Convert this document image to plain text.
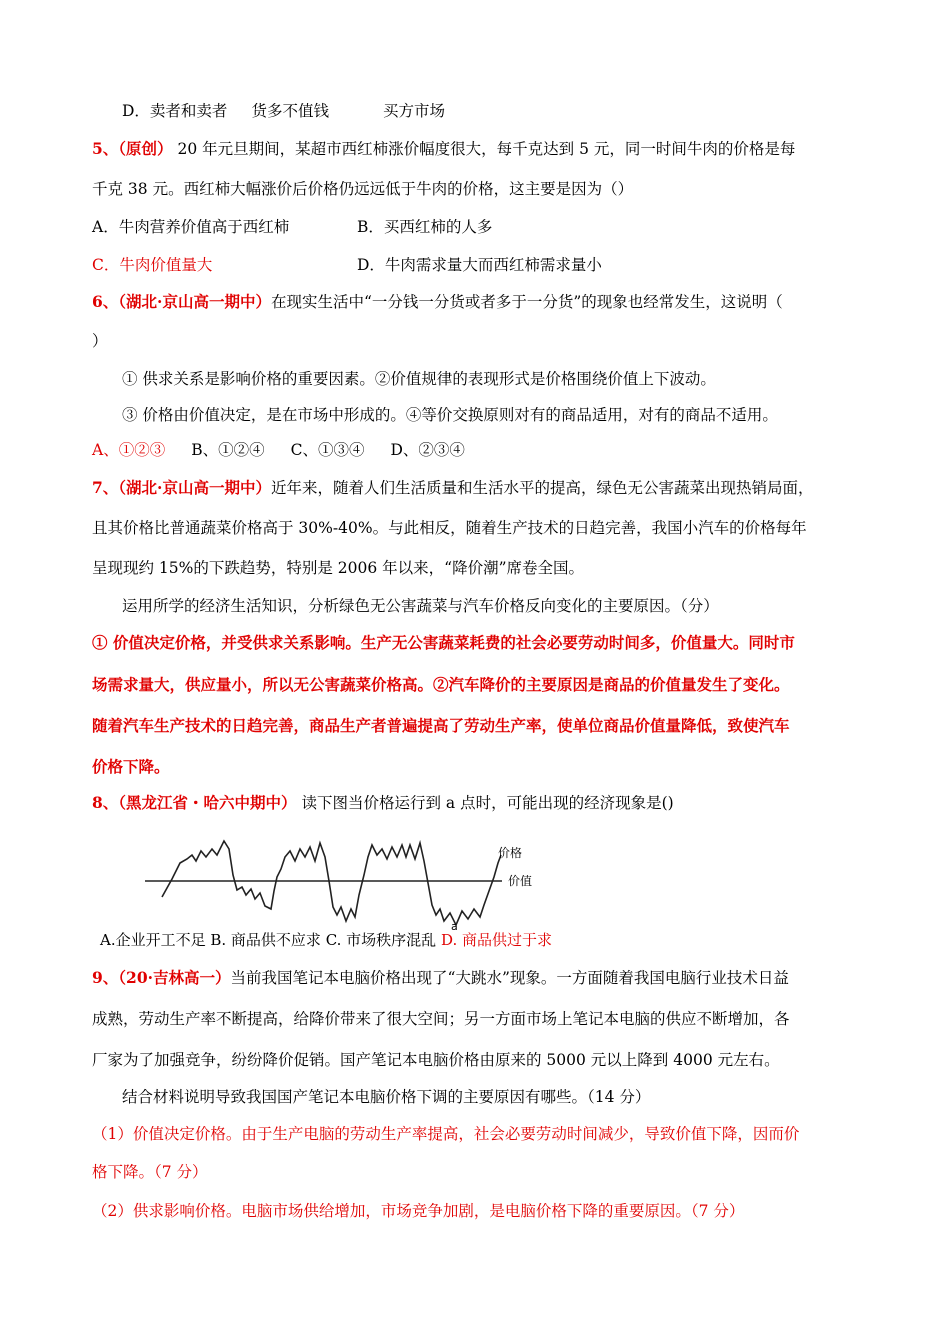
D．卖者和卖者 货多不值钱	买方市场
5、（原创） 20 年元旦期间，某超市西红柿涨价幅度很大，每千克达到 5 元，同一时间牛肉的价格是每
千克 38 元。西红柿大幅涨价后价格仍远远低于牛肉的价格，这主要是因为（）
A．牛肉营养价值高于西红柿	B．买西红柿的人多
C．牛肉价值量大	D．牛肉需求量大而西红柿需求量小
6、（湖北·京山高一期中）在现实生活中“一分钱一分货或者多于一分货”的现象也经常发生，这说明（
）
① 供求关系是影响价格的重要因素。②价值规律的表现形式是价格围绕价值上下波动。
③ 价格由价值决定，是在市场中形成的。④等价交换原则对有的商品适用，对有的商品不适用。
A、①②③ B、①②④ C、①③④ D、②③④
7、（湖北·京山高一期中）近年来，随着人们生活质量和生活水平的提高，绿色无公害蔬菜出现热销局面，
且其价格比普通蔬菜价格高于 30%-40%。与此相反，随着生产技术的日趋完善，我国小汽车的价格每年
呈现现约 15%的下跌趋势，特别是 2006 年以来，“降价潮”席卷全国。
运用所学的经济生活知识，分析绿色无公害蔬菜与汽车价格反向变化的主要原因。（分）
① 价值决定价格，并受供求关系影响。生产无公害蔬菜耗费的社会必要劳动时间多，价值量大。同时市
场需求量大，供应量小，所以无公害蔬菜价格高。②汽车降价的主要原因是商品的价值量发生了变化。
随着汽车生产技术的日趋完善，商品生产者普遍提高了劳动生产率，使单位商品价值量降低，致使汽车
价格下降。
8、（黑龙江省・哈六中期中） 读下图当价格运行到 a 点时，可能出现的经济现象是()
价格
价值
a
A.企业开工不足 B. 商品供不应求 C. 市场秩序混乱 D. 商品供过于求
9、（20·吉林高一）当前我国笔记本电脑价格出现了“大跳水”现象。一方面随着我国电脑行业技术日益
成熟，劳动生产率不断提高，给降价带来了很大空间；另一方面市场上笔记本电脑的供应不断增加，各
厂家为了加强竞争，纷纷降价促销。国产笔记本电脑价格由原来的 5000 元以上降到 4000 元左右。
结合材料说明导致我国国产笔记本电脑价格下调的主要原因有哪些。（14 分）
（1）价值决定价格。由于生产电脑的劳动生产率提高，社会必要劳动时间减少，导致价值下降，因而价
格下降。（7 分）
（2）供求影响价格。电脑市场供给增加，市场竞争加剧，是电脑价格下降的重要原因。（7 分）
